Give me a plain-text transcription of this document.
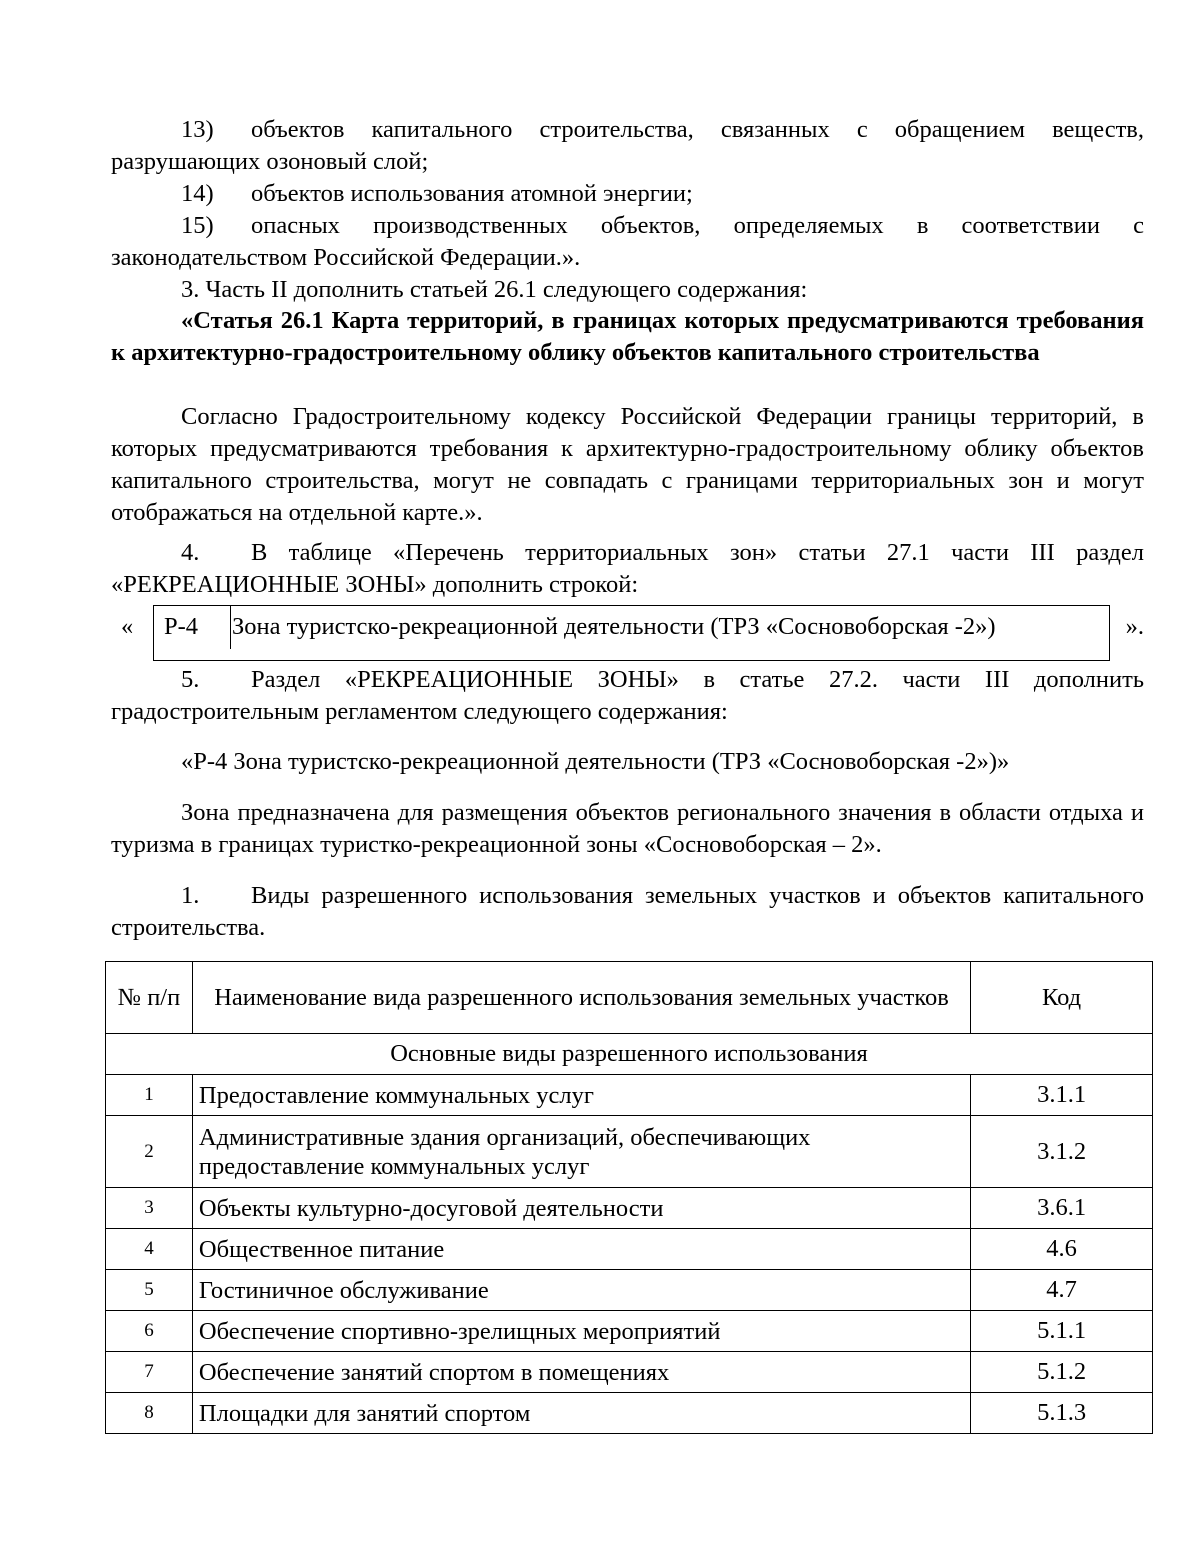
13) объектов капитального строительства, связанных с обращением веществ, разрушающих озоновый слой;

14) объектов использования атомной энергии;

15) опасных производственных объектов, определяемых в соответствии с законодательством Российской Федерации.».

3. Часть II дополнить статьей 26.1 следующего содержания:

«Статья 26.1 Карта территорий, в границах которых предусматриваются требования к архитектурно-градостроительному облику объектов капитального строительства

Согласно Градостроительному кодексу Российской Федерации границы территорий, в которых предусматриваются требования к архитектурно-градостроительному облику объектов капитального строительства, могут не совпадать с границами территориальных зон и могут отображаться на отдельной карте.».

4. В таблице «Перечень территориальных зон» статьи 27.1 части III раздел «РЕКРЕАЦИОННЫЕ ЗОНЫ» дополнить строкой:

«	Р-4	Зона туристско-рекреационной деятельности (ТРЗ «Сосновоборская -2»)	».

5. Раздел «РЕКРЕАЦИОННЫЕ ЗОНЫ» в статье 27.2. части III дополнить градостроительным регламентом следующего содержания:

«Р-4 Зона туристско-рекреационной деятельности (ТРЗ «Сосновоборская -2»)»

Зона предназначена для размещения объектов регионального значения в области отдыха и туризма в границах туристко-рекреационной зоны «Сосновоборская – 2».

1. Виды разрешенного использования земельных участков и объектов капитального строительства.

№ п/п	Наименование вида разрешенного использования земельных участков	Код
Основные виды разрешенного использования		
1	Предоставление коммунальных услуг	3.1.1
2	Административные здания организаций, обеспечивающих предоставление коммунальных услуг	3.1.2
3	Объекты культурно-досуговой деятельности	3.6.1
4	Общественное питание	4.6
5	Гостиничное обслуживание	4.7
6	Обеспечение спортивно-зрелищных мероприятий	5.1.1
7	Обеспечение занятий спортом в помещениях	5.1.2
8	Площадки для занятий спортом	5.1.3
